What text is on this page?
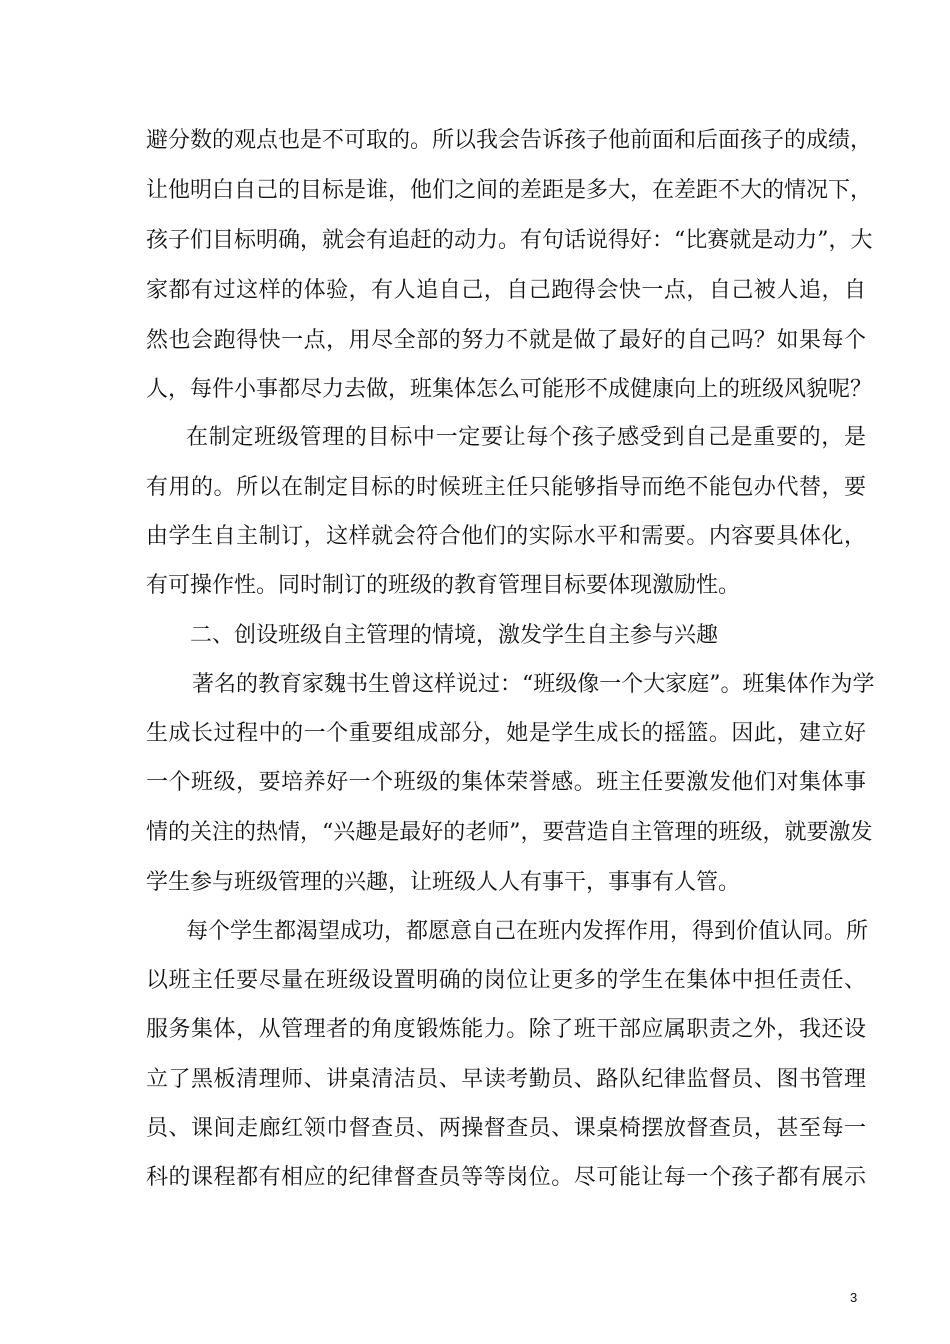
避分数的观点也是不可取的。所以我会告诉孩子他前面和后面孩子的成绩，
让他明白自己的目标是谁，他们之间的差距是多大，在差距不大的情况下，
孩子们目标明确，就会有追赶的动力。有句话说得好：“比赛就是动力”，大
家都有过这样的体验，有人追自己，自己跑得会快一点，自己被人追，自
然也会跑得快一点，用尽全部的努力不就是做了最好的自己吗？如果每个
人，每件小事都尽力去做，班集体怎么可能形不成健康向上的班级风貌呢？
在制定班级管理的目标中一定要让每个孩子感受到自己是重要的，是
有用的。所以在制定目标的时候班主任只能够指导而绝不能包办代替，要
由学生自主制订，这样就会符合他们的实际水平和需要。内容要具体化，
有可操作性。同时制订的班级的教育管理目标要体现激励性。
二、创设班级自主管理的情境，激发学生自主参与兴趣
著名的教育家魏书生曾这样说过：“班级像一个大家庭”。班集体作为学
生成长过程中的一个重要组成部分，她是学生成长的摇篮。因此，建立好
一个班级，要培养好一个班级的集体荣誉感。班主任要激发他们对集体事
情的关注的热情，“兴趣是最好的老师”，要营造自主管理的班级，就要激发
学生参与班级管理的兴趣，让班级人人有事干，事事有人管。
每个学生都渴望成功，都愿意自己在班内发挥作用，得到价值认同。所
以班主任要尽量在班级设置明确的岗位让更多的学生在集体中担任责任、
服务集体，从管理者的角度锻炼能力。除了班干部应属职责之外，我还设
立了黑板清理师、讲桌清洁员、早读考勤员、路队纪律监督员、图书管理
员、课间走廊红领巾督查员、两操督查员、课桌椅摆放督查员，甚至每一
科的课程都有相应的纪律督查员等等岗位。尽可能让每一个孩子都有展示
3
